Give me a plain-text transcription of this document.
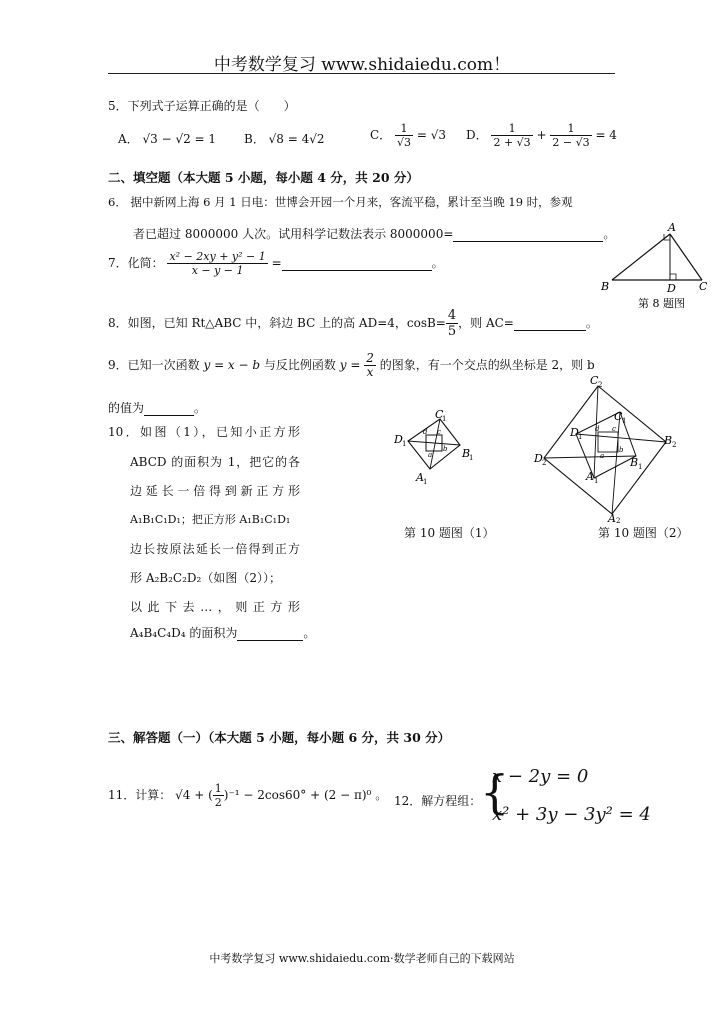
中考数学复习 www.shidaiedu.com！
5．下列式子运算正确的是（　　）
A． √3 − √2 = 1 B． √8 = 4√2	C． $\frac{1}{√3} = √3$ D． $\frac{1}{2 + √3} + \frac{1}{2 - √3} = 4$
二、填空题（本大题 5 小题，每小题 4 分，共 20 分）
6． 据中新网上海 6 月 1 日电：世博会开园一个月来，客流平稳，累计至当晚 19 时，参观
者已超过 8000000 人次。试用科学记数法表示 8000000=	。
7．化简： $\frac{\text{x² − 2xy + y² − 1}}{x - y - 1}$ =	。
A
B	C
D
第 8 题图
8．如图，已知 Rt△ABC 中，斜边 BC 上的高 AD=4，$\cos B= \frac{4}{5}$ ，则 AC=	。
9．已知一次函数 y = x − b 与反比例函数 $y = \frac{2}{x}$ 的图象，有一个交点的纵坐标是 2，则 b
的值为	。
10．如图（1），已知小正方形
ABCD 的面积为 1，把它的各
边延长一倍得到新正方形
A₁B₁C₁D₁；把正方形 A₁B₁C₁D₁
边长按原法延长一倍得到正方
形 A₂B₂C₂D₂（如图（2））；
以此下去…，则正方形
A₄B₄C₄D₄ 的面积为	。
C
1
B
1
A 1
D 1
d c
b
a
第 10 题图（1）
C 2
B 2
A 2
D 2
C 1
B 1
A 1
D 1
d c
b
a
第 10 题图（2）
三、解答题（一）（本大题 5 小题，每小题 6 分，共 30 分）
11．计算： √4 + ( $\frac{1}{2} )^{-1} - 2\cos 60^\circ + (2 - \pi)^0$ 。 12．解方程组：
{
x − 2y = 0
x² + 3y − 3y² = 4
中考数学复习 www.shidaiedu.com·数学老师自己的下载网站
